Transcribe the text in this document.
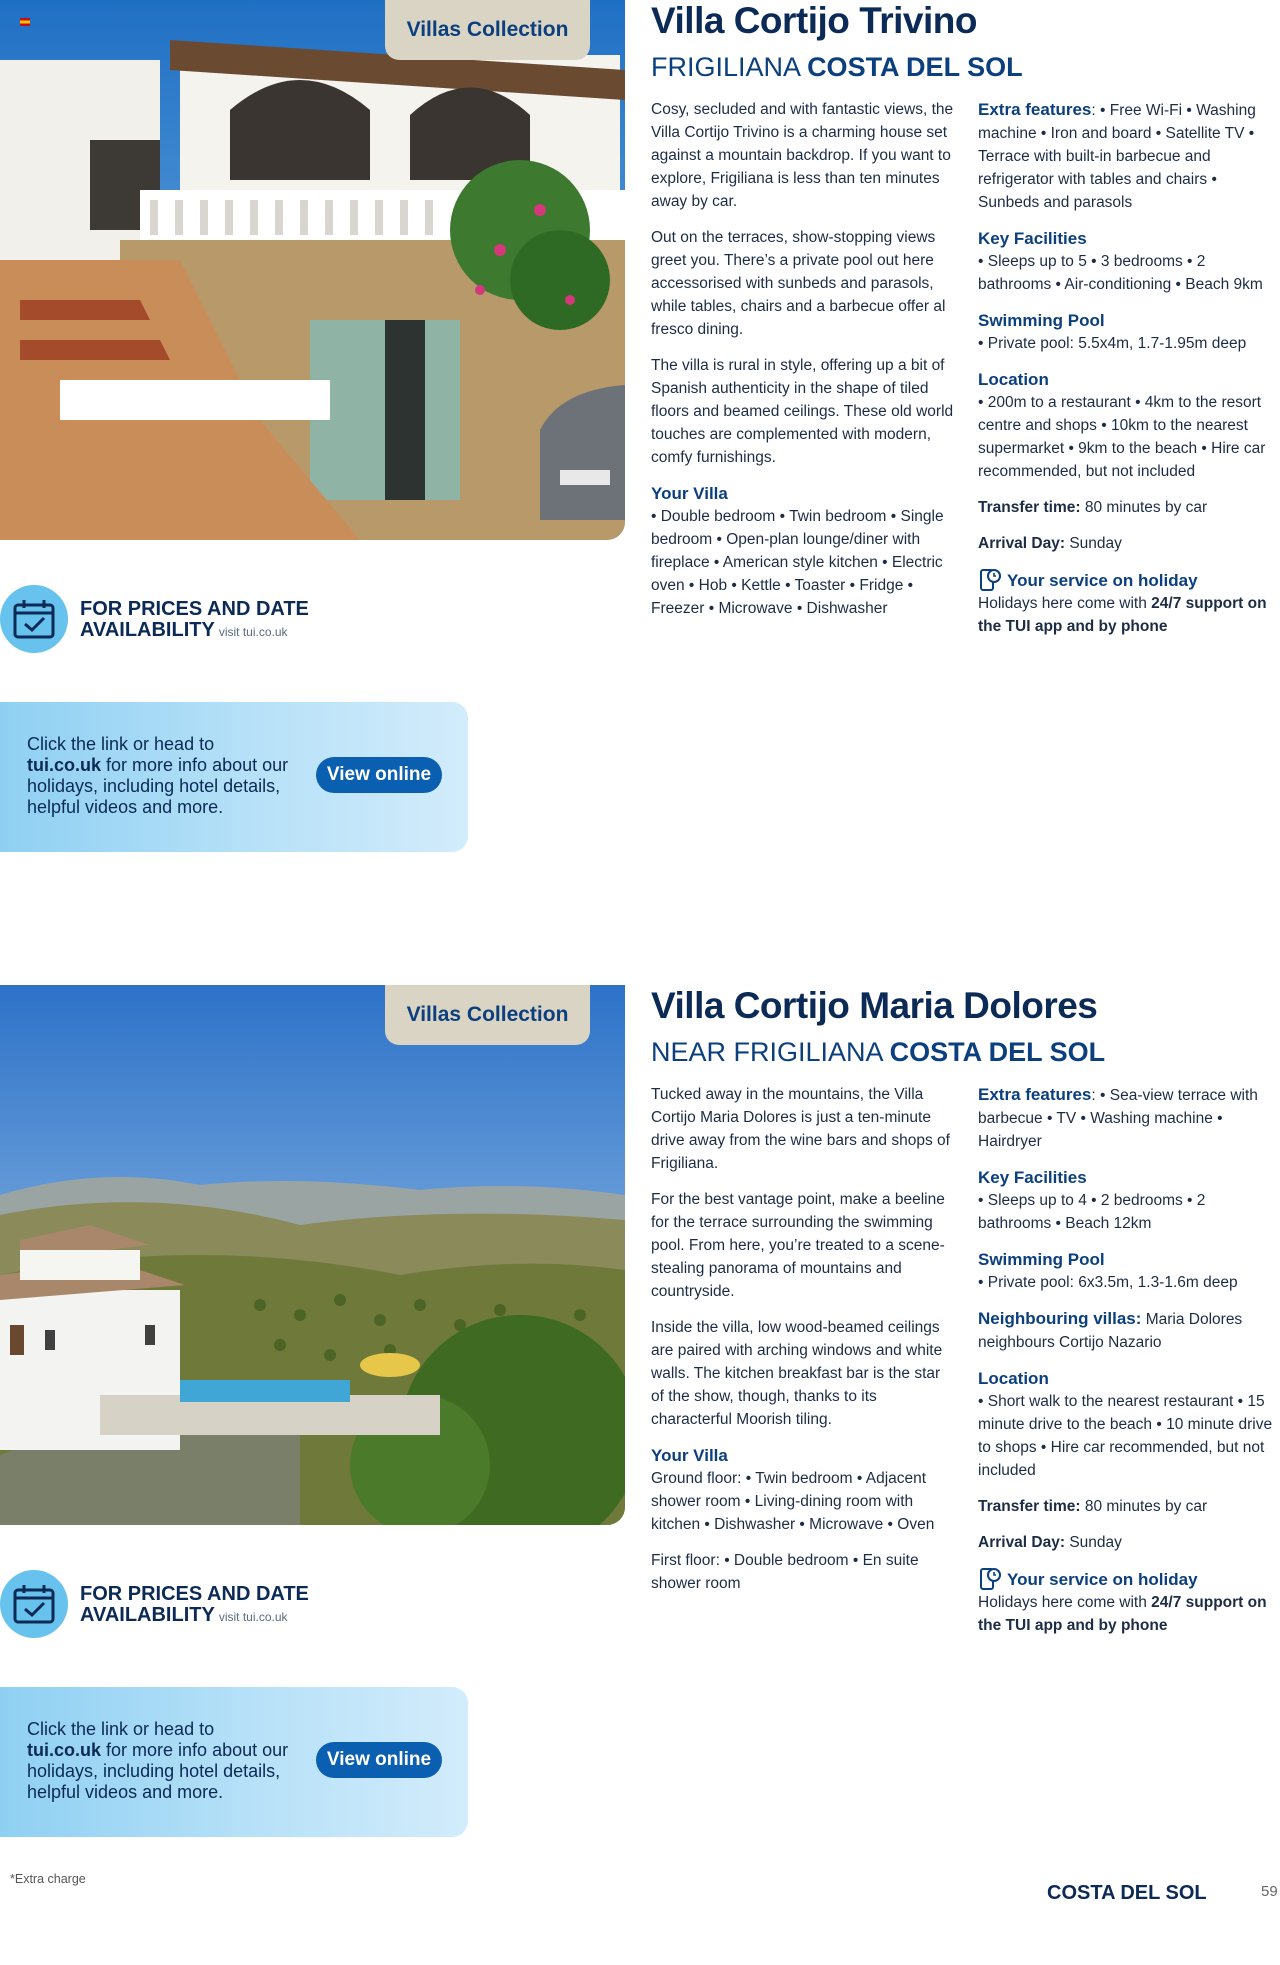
Villas Collection
FOR PRICES AND DATE
AVAILABILITY visit tui.co.uk
Click the link or head to
tui.co.uk for more info about our holidays, including hotel details, helpful videos and more.
View online
Villa Cortijo Trivino
FRIGILIANA COSTA DEL SOL

Cosy, secluded and with fantastic views, the Villa Cortijo Trivino is a charming house set against a mountain backdrop. If you want to explore, Frigiliana is less than ten minutes away by car.

Out on the terraces, show-stopping views greet you. There’s a private pool out here accessorised with sunbeds and parasols, while tables, chairs and a barbecue offer al fresco dining.

The villa is rural in style, offering up a bit of Spanish authenticity in the shape of tiled floors and beamed ceilings. These old world touches are complemented with modern, comfy furnishings.

Your Villa

• Double bedroom • Twin bedroom • Single bedroom • Open-plan lounge/diner with fireplace • American style kitchen • Electric oven • Hob • Kettle • Toaster • Fridge • Freezer • Microwave • Dishwasher

Extra features: • Free Wi-Fi • Washing machine • Iron and board • Satellite TV • Terrace with built-in barbecue and refrigerator with tables and chairs • Sunbeds and parasols

Key Facilities

• Sleeps up to 5 • 3 bedrooms • 2 bathrooms • Air-conditioning • Beach 9km

Swimming Pool

• Private pool: 5.5x4m, 1.7-1.95m deep

Location

• 200m to a restaurant • 4km to the resort centre and shops • 10km to the nearest supermarket • 9km to the beach • Hire car recommended, but not included

Transfer time: 80 minutes by car

Arrival Day: Sunday

Your service on holiday
Holidays here come with 24/7 support on the TUI app and by phone
Villas Collection
FOR PRICES AND DATE
AVAILABILITY visit tui.co.uk
Click the link or head to
tui.co.uk for more info about our holidays, including hotel details, helpful videos and more.
View online
Villa Cortijo Maria Dolores
NEAR FRIGILIANA COSTA DEL SOL

Tucked away in the mountains, the Villa Cortijo Maria Dolores is just a ten-minute drive away from the wine bars and shops of Frigiliana.

For the best vantage point, make a beeline for the terrace surrounding the swimming pool. From here, you’re treated to a scene-stealing panorama of mountains and countryside.

Inside the villa, low wood-beamed ceilings are paired with arching windows and white walls. The kitchen breakfast bar is the star of the show, though, thanks to its characterful Moorish tiling.

Your Villa

Ground floor: • Twin bedroom • Adjacent shower room • Living-dining room with kitchen • Dishwasher • Microwave • Oven

First floor: • Double bedroom • En suite shower room

Extra features: • Sea-view terrace with barbecue • TV • Washing machine • Hairdryer

Key Facilities

• Sleeps up to 4 • 2 bedrooms • 2 bathrooms • Beach 12km

Swimming Pool

• Private pool: 6x3.5m, 1.3-1.6m deep

Neighbouring villas: Maria Dolores neighbours Cortijo Nazario

Location

• Short walk to the nearest restaurant • 15 minute drive to the beach • 10 minute drive to shops • Hire car recommended, but not included

Transfer time: 80 minutes by car

Arrival Day: Sunday

Your service on holiday
Holidays here come with 24/7 support on the TUI app and by phone
*Extra charge
COSTA DEL SOL	59
